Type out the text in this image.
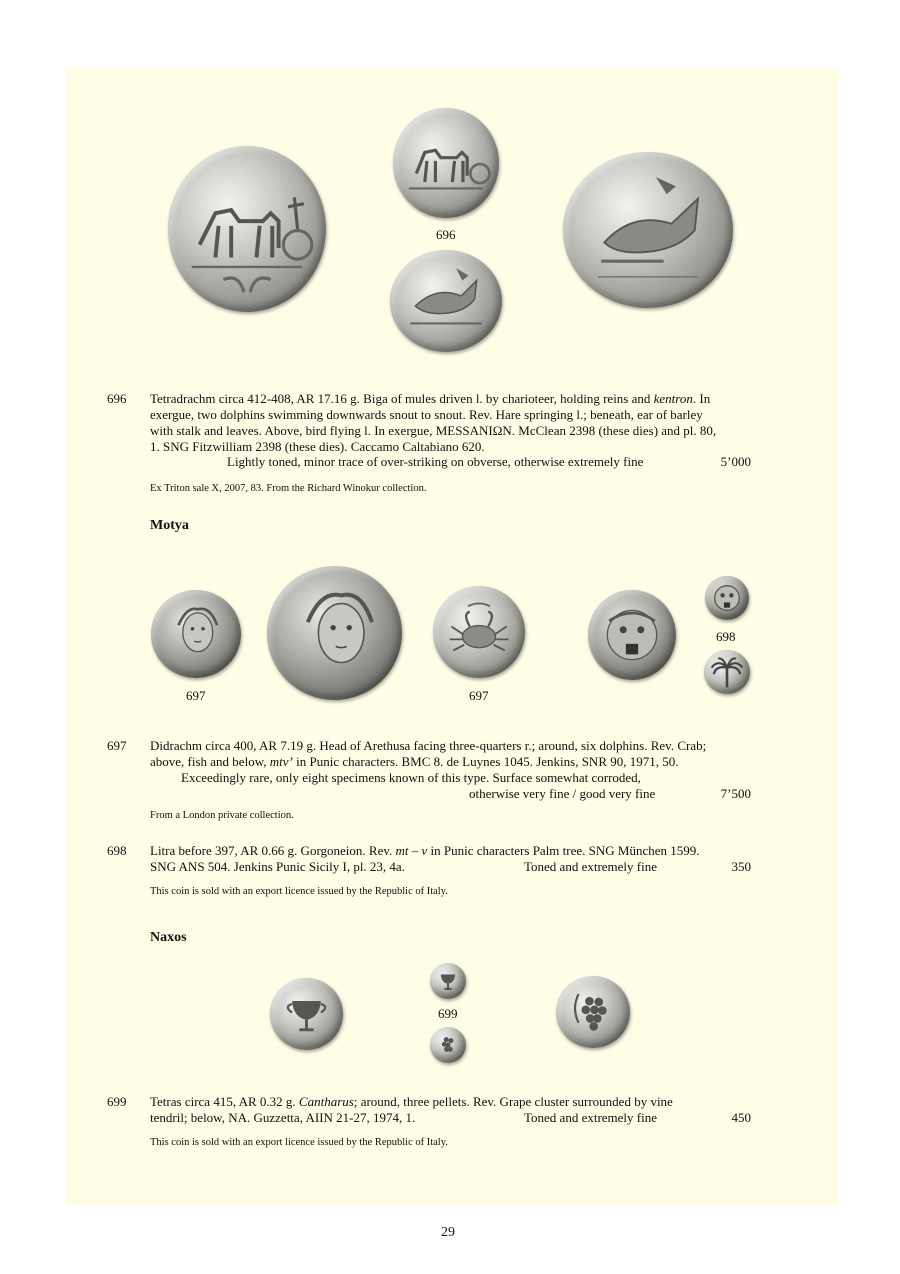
696
696 Tetradrachm circa 412-408, AR 17.16 g. Biga of mules driven l. by charioteer, holding reins and kentron. In
exergue, two dolphins swimming downwards snout to snout. Rev. Hare springing l.; beneath, ear of barley
with stalk and leaves. Above, bird flying l. In exergue, MESSANIΩN. McClean 2398 (these dies) and pl. 80,
1. SNG Fitzwilliam 2398 (these dies). Caccamo Caltabiano 620.
Lightly toned, minor trace of over-striking on obverse, otherwise extremely fine	5’000
Ex Triton sale X, 2007, 83. From the Richard Winokur collection.
Motya
697	697
698
697 Didrachm circa 400, AR 7.19 g. Head of Arethusa facing three-quarters r.; around, six dolphins. Rev. Crab;
above, fish and below, mtv’ in Punic characters. BMC 8. de Luynes 1045. Jenkins, SNR 90, 1971, 50.
Exceedingly rare, only eight specimens known of this type. Surface somewhat corroded,
otherwise very fine / good very fine	7’500
From a London private collection.
698 Litra before 397, AR 0.66 g. Gorgoneion. Rev. mt – v in Punic characters Palm tree. SNG München 1599.
SNG ANS 504. Jenkins Punic Sicily I, pl. 23, 4a.	Toned and extremely fine	350
This coin is sold with an export licence issued by the Republic of Italy.
Naxos
699
699 Tetras circa 415, AR 0.32 g. Cantharus; around, three pellets. Rev. Grape cluster surrounded by vine
tendril; below, NA. Guzzetta, AIIN 21-27, 1974, 1.	Toned and extremely fine	450
This coin is sold with an export licence issued by the Republic of Italy.
29
